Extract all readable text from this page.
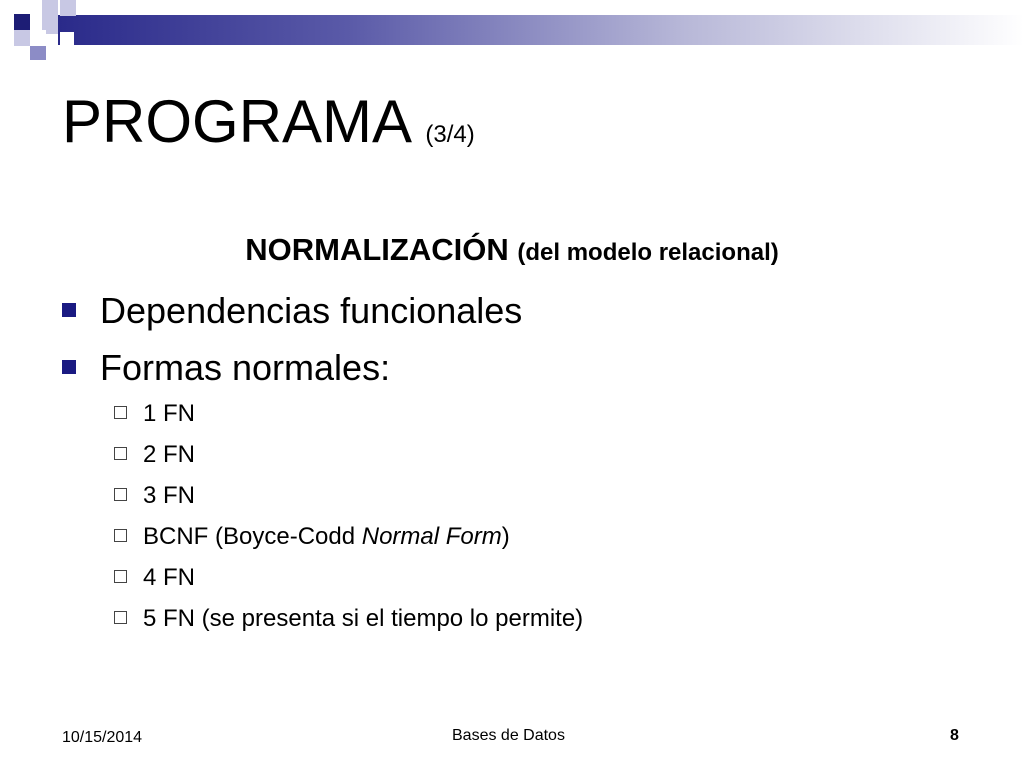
PROGRAMA (3/4)
NORMALIZACIÓN (del modelo relacional)
Dependencias funcionales
Formas normales:
1 FN
2 FN
3 FN
BCNF (Boyce-Codd Normal Form)
4 FN
5 FN (se presenta si el tiempo lo permite)
10/15/2014	Bases de Datos	8
